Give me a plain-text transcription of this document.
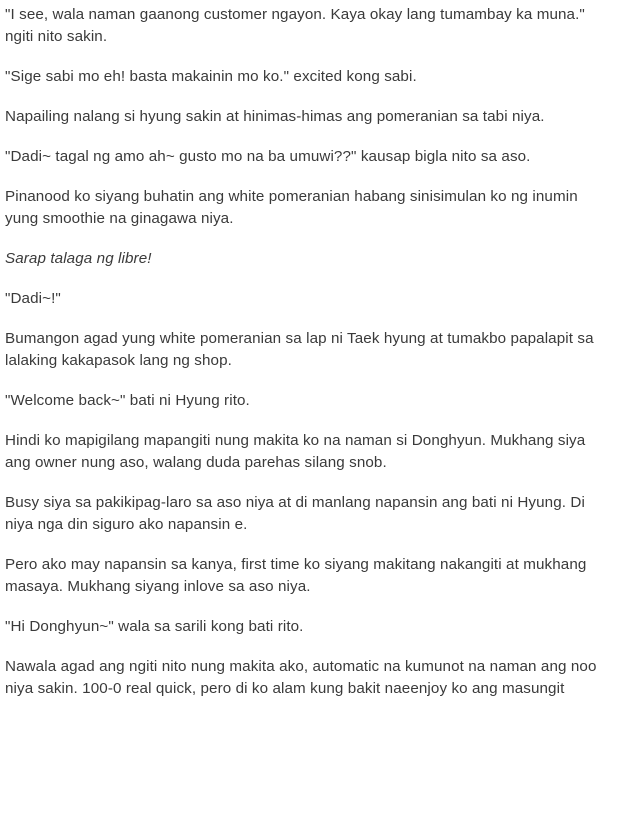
"I see, wala naman gaanong customer ngayon. Kaya okay lang tumambay ka muna."
ngiti nito sakin.

"Sige sabi mo eh! basta makainin mo ko." excited kong sabi.

Napailing nalang si hyung sakin at hinimas-himas ang pomeranian sa tabi niya.

"Dadi~ tagal ng amo ah~ gusto mo na ba umuwi??" kausap bigla nito sa aso.

Pinanood ko siyang buhatin ang white pomeranian habang sinisimulan ko ng inumin
yung smoothie na ginagawa niya.

Sarap talaga ng libre!

"Dadi~!"

Bumangon agad yung white pomeranian sa lap ni Taek hyung at tumakbo papalapit sa
lalaking kakapasok lang ng shop.

"Welcome back~" bati ni Hyung rito.

Hindi ko mapigilang mapangiti nung makita ko na naman si Donghyun. Mukhang siya
ang owner nung aso, walang duda parehas silang snob.

Busy siya sa pakikipag-laro sa aso niya at di manlang napansin ang bati ni Hyung. Di
niya nga din siguro ako napansin e.

Pero ako may napansin sa kanya, first time ko siyang makitang nakangiti at mukhang
masaya. Mukhang siyang inlove sa aso niya.

"Hi Donghyun~" wala sa sarili kong bati rito.

Nawala agad ang ngiti nito nung makita ako, automatic na kumunot na naman ang noo
niya sakin. 100-0 real quick, pero di ko alam kung bakit naeenjoy ko ang masungit
